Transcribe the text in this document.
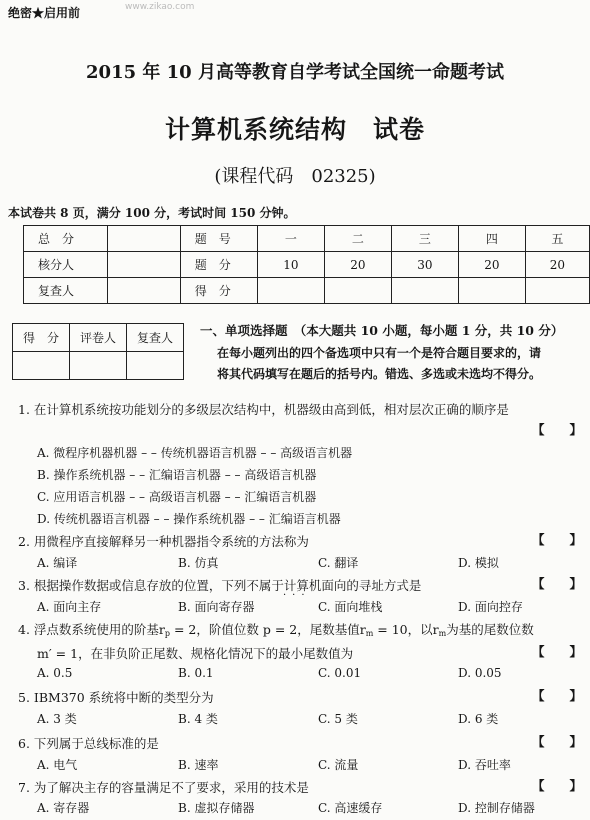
绝密★启用前	www.zikao.com
2015 年 10 月高等教育自学考试全国统一命题考试
计算机系统结构　试卷
(课程代码　02325)
本试卷共 8 页，满分 100 分，考试时间 150 分钟。
总　分		题　号	一	二	三	四	五
核分人		题　分	10	20	30	20	20
复查人		得　分					
得　分	评卷人	复查人
		一、单项选择题　（本大题共 10 小题，每小题 1 分，共 10 分）
在每小题列出的四个备选项中只有一个是符合题目要求的，请
将其代码填写在题后的括号内。错选、多选或未选均不得分。
1. 在计算机系统按功能划分的多级层次结构中，机器级由高到低，相对层次正确的顺序是
【　　】
A. 微程序机器机器 – – 传统机器语言机器 – – 高级语言机器
B. 操作系统机器 – – 汇编语言机器 – – 高级语言机器
C. 应用语言机器 – – 高级语言机器 – – 汇编语言机器
D. 传统机器语言机器 – – 操作系统机器 – – 汇编语言机器
2. 用微程序直接解释另一种机器指令系统的方法称为	【　　】
A. 编译	B. 仿真	C. 翻译	D. 模拟
3. 根据操作数据或信息存放的位置，下列不属于计算机面向的寻址方式是	【　　】
···
A. 面向主存	B. 面向寄存器	C. 面向堆栈	D. 面向控存
4. 浮点数系统使用的阶基$r_p = 2$，阶值位数 p = 2，尾数基值$r_m = 10$，以$r_m$为基的尾数位数
m′ = 1，在非负阶正尾数、规格化情况下的最小尾数值为	【　　】
A. 0.5	B. 0.1	C. 0.01	D. 0.05
5. IBM370 系统将中断的类型分为	【　　】
A. 3 类	B. 4 类	C. 5 类	D. 6 类
6. 下列属于总线标准的是	【　　】
A. 电气	B. 速率	C. 流量	D. 吞吐率
7. 为了解决主存的容量满足不了要求，采用的技术是	【　　】
A. 寄存器	B. 虚拟存储器	C. 高速缓存	D. 控制存储器
